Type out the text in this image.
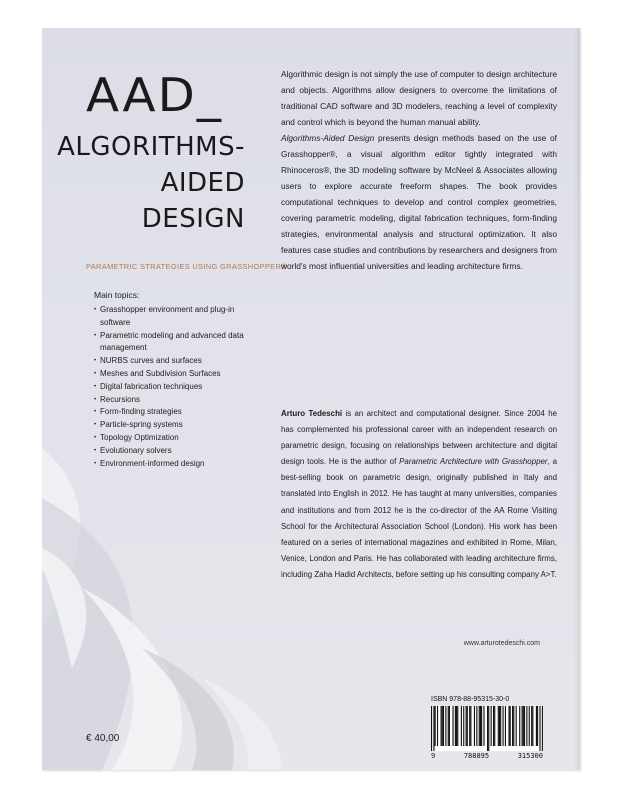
AAD_
ALGORITHMS-
AIDED
DESIGN
PARAMETRIC STRATEGIES USING GRASSHOPPER®
Main topics:
• Grasshopper environment and plug-in software
• Parametric modeling and advanced data management
• NURBS curves and surfaces
• Meshes and Subdivision Surfaces
• Digital fabrication techniques
• Recursions
• Form-finding strategies
• Particle-spring systems
• Topology Optimization
• Evolutionary solvers
• Environment-informed design

Algorithmic design is not simply the use of computer to design architecture and objects. Algorithms allow designers to overcome the limitations of traditional CAD software and 3D modelers, reaching a level of complexity and control which is beyond the human manual ability.
Algorithms-Aided Design presents design methods based on the use of Grasshopper®, a visual algorithm editor tightly integrated with Rhinoceros®, the 3D modeling software by McNeel & Associates allowing users to explore accurate freeform shapes. The book provides computational techniques to develop and control complex geometries, covering parametric modeling, digital fabrication techniques, form-finding strategies, environmental analysis and structural optimization. It also features case studies and contributions by researchers and designers from world's most influential universities and leading architecture firms.

Arturo Tedeschi is an architect and computational designer. Since 2004 he has complemented his professional career with an independent research on parametric design, focusing on relationships between architecture and digital design tools. He is the author of Parametric Architecture with Grasshopper, a best-selling book on parametric design, originally published in Italy and translated into English in 2012. He has taught at many universities, companies and institutions and from 2012 he is the co-director of the AA Rome Visiting School for the Architectural Association School (London). His work has been featured on a series of international magazines and exhibited in Rome, Milan, Venice, London and Paris. He has collaborated with leading architecture firms, including Zaha Hadid Architects, before setting up his consulting company A>T.

www.arturotedeschi.com
ISBN 978-88-95315-30-0
9	788895	315300
€ 40,00
